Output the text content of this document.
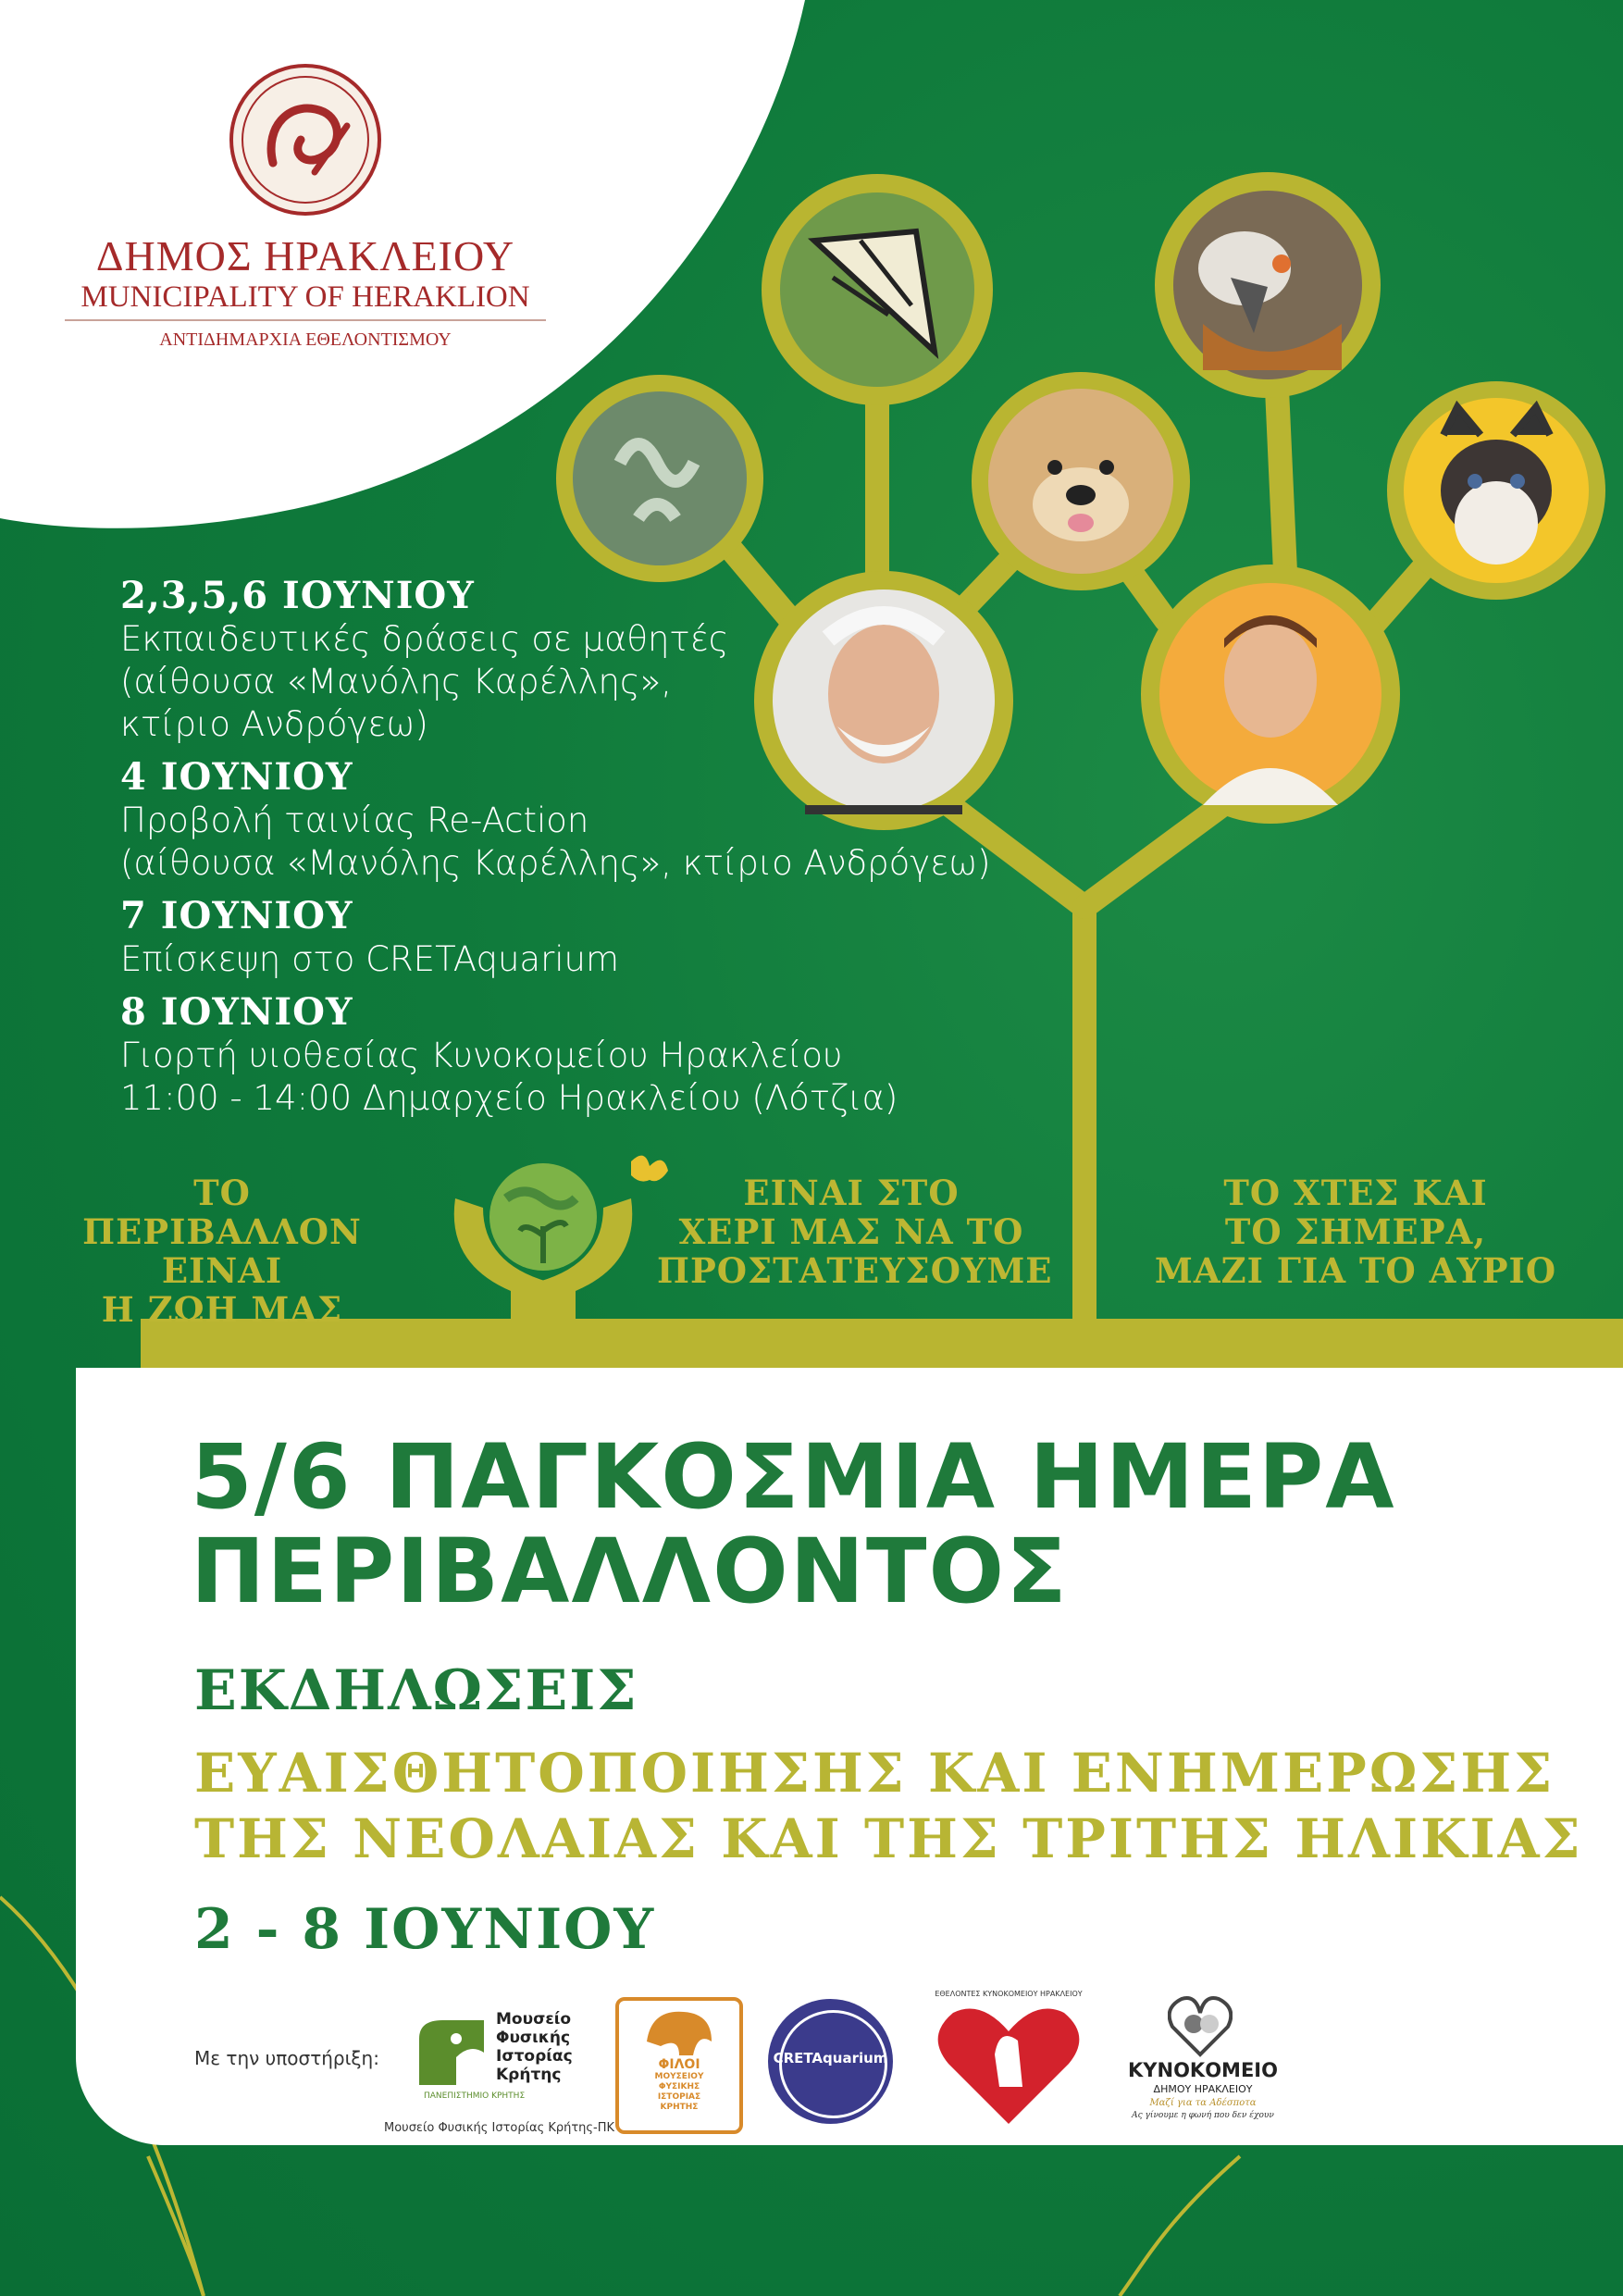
ΔΗΜΟΣ ΗΡΑΚΛΕΙΟΥ
MUNICIPALITY OF HERAKLION
ΑΝΤΙΔΗΜΑΡΧΙΑ ΕΘΕΛΟΝΤΙΣΜΟΥ
2,3,5,6 ΙΟΥΝΙΟΥ
Εκπαιδευτικές δράσεις σε μαθητές
(αίθουσα «Μανόλης Καρέλλης»,
κτίριο Ανδρόγεω)
4 ΙΟΥΝΙΟΥ
Προβολή ταινίας Re-Action
(αίθουσα «Μανόλης Καρέλλης», κτίριο Ανδρόγεω)
7 ΙΟΥΝΙΟΥ
Επίσκεψη στο CRETAquarium
8 ΙΟΥΝΙΟΥ
Γιορτή υιοθεσίας Κυνοκομείου Ηρακλείου
11:00 - 14:00 Δημαρχείο Ηρακλείου (Λότζια)
ΤΟ ΠΕΡΙΒΑΛΛΟΝ
ΕΙΝΑΙ
Η ΖΩΗ ΜΑΣ
ΕΙΝΑΙ ΣΤΟ
ΧΕΡΙ ΜΑΣ ΝΑ ΤΟ
ΠΡΟΣΤΑΤΕΥΣΟΥΜΕ
ΤΟ ΧΤΕΣ ΚΑΙ
ΤΟ ΣΗΜΕΡΑ,
ΜΑΖΙ ΓΙΑ ΤΟ ΑΥΡΙΟ
5/6 ΠΑΓΚΟΣΜΙΑ ΗΜΕΡΑ
ΠΕΡΙΒΑΛΛΟΝΤΟΣ
ΕΚΔΗΛΩΣΕΙΣ
ΕΥΑΙΣΘΗΤΟΠΟΙΗΣΗΣ ΚΑΙ ΕΝΗΜΕΡΩΣΗΣ
ΤΗΣ ΝΕΟΛΑΙΑΣ ΚΑΙ ΤΗΣ ΤΡΙΤΗΣ ΗΛΙΚΙΑΣ
2 - 8 ΙΟΥΝΙΟΥ
Με την υποστήριξη:
Μουσείο
Φυσικής
Ιστορίας
Κρήτης
ΠΑΝΕΠΙΣΤΗΜΙΟ ΚΡΗΤΗΣ
Μουσείο Φυσικής Ιστορίας Κρήτης-ΠΚ
ΦΙΛΟΙ
ΜΟΥΣΕΙΟΥ
ΦΥΣΙΚΗΣ
ΙΣΤΟΡΙΑΣ
ΚΡΗΤΗΣ
CRETAquarium
ΕΘΕΛΟΝΤΕΣ ΚΥΝΟΚΟΜΕΙΟΥ ΗΡΑΚΛΕΙΟΥ
ΚΥΝΟΚΟΜΕΙΟ
ΔΗΜΟΥ ΗΡΑΚΛΕΙΟΥ
Μαζί για τα Αδέσποτα
Ας γίνουμε η φωνή που δεν έχουν
